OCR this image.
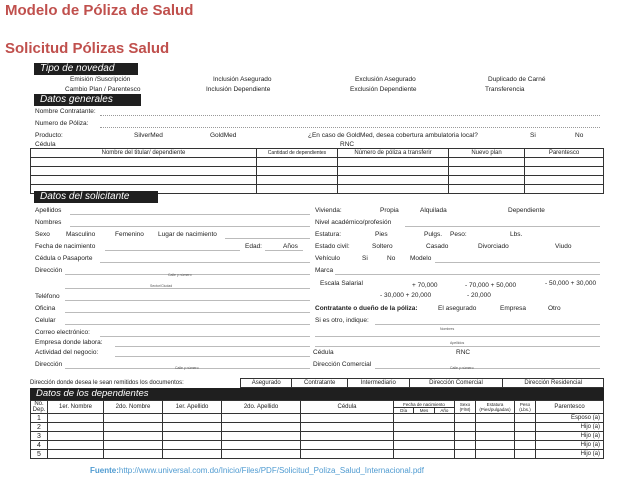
Modelo de Póliza de Salud
Solicitud Pólizas Salud
Tipo de novedad
Emisión /Suscripción	Inclusión Asegurado	Exclusión Asegurado	Duplicado de Carné
Cambio Plan / Parentesco	Inclusión Dependiente	Exclusión Dependiente	Transferencia
Datos generales
Nombre Contratante:
Numero de Póliza:
Producto:	SilverMed	GoldMed	¿En caso de GoldMed, desea cobertura ambulatoria local?	Si	No
Cédula	RNC
Nombre del titular/ dependiente	Cantidad de dependientes	Número de póliza a transferir	Nuevo plan	Parentesco

Datos del solicitante
Apellidos	Vivienda:	Propia	Alquilada	Dependiente
Nombres	Nivel académico/profesión
Sexo Masculino	Femenino Lugar de nacimiento	Estatura:	Pies	Pulgs. Peso:	Lbs.
Fecha de nacimiento	Edad:	Años	Estado civil:	Soltero	Casado	Divorciado	Viudo
Cédula o Pasaporte	Vehículo	Si	No Modelo
Dirección
Calle y número
Marca
Sector/Ciudad	Escala Salarial	+ 70,000	- 70,000 + 50,000	- 50,000 + 30,000
- 30,000 + 20,000	- 20,000
Teléfono
Oficina	Contratante o dueño de la póliza:	El asegurado	Empresa	Otro
Celular	Si es otro, indique:
Correo electrónico:	Nombres
Empresa donde labora:	Apellidos
Actividad del negocio:	Cédula	RNC
Dirección	Calle y número	Dirección Comercial	Calle y número
Dirección donde desea le sean remitidos los documentos:	Asegurado	Contratante	Intermediario	Dirección Comercial	Dirección Residencial
Datos de los dependientes
No. Dep.	1er. Nombre	2do. Nombre	1er. Apellido	2do. Apellido	Cédula	Fecha de nacimiento
Día Mes Año	Sexo (F/M)	Estatura (Pies/pulgadas)	Peso (Lbs.)	Parentesco
1										Esposo (a)
2										Hijo (a)
3										Hijo (a)
4										Hijo (a)
5										Hijo (a)
Fuente:http://www.universal.com.do/Inicio/Files/PDF/Solicitud_Poliza_Salud_Internacional.pdf
